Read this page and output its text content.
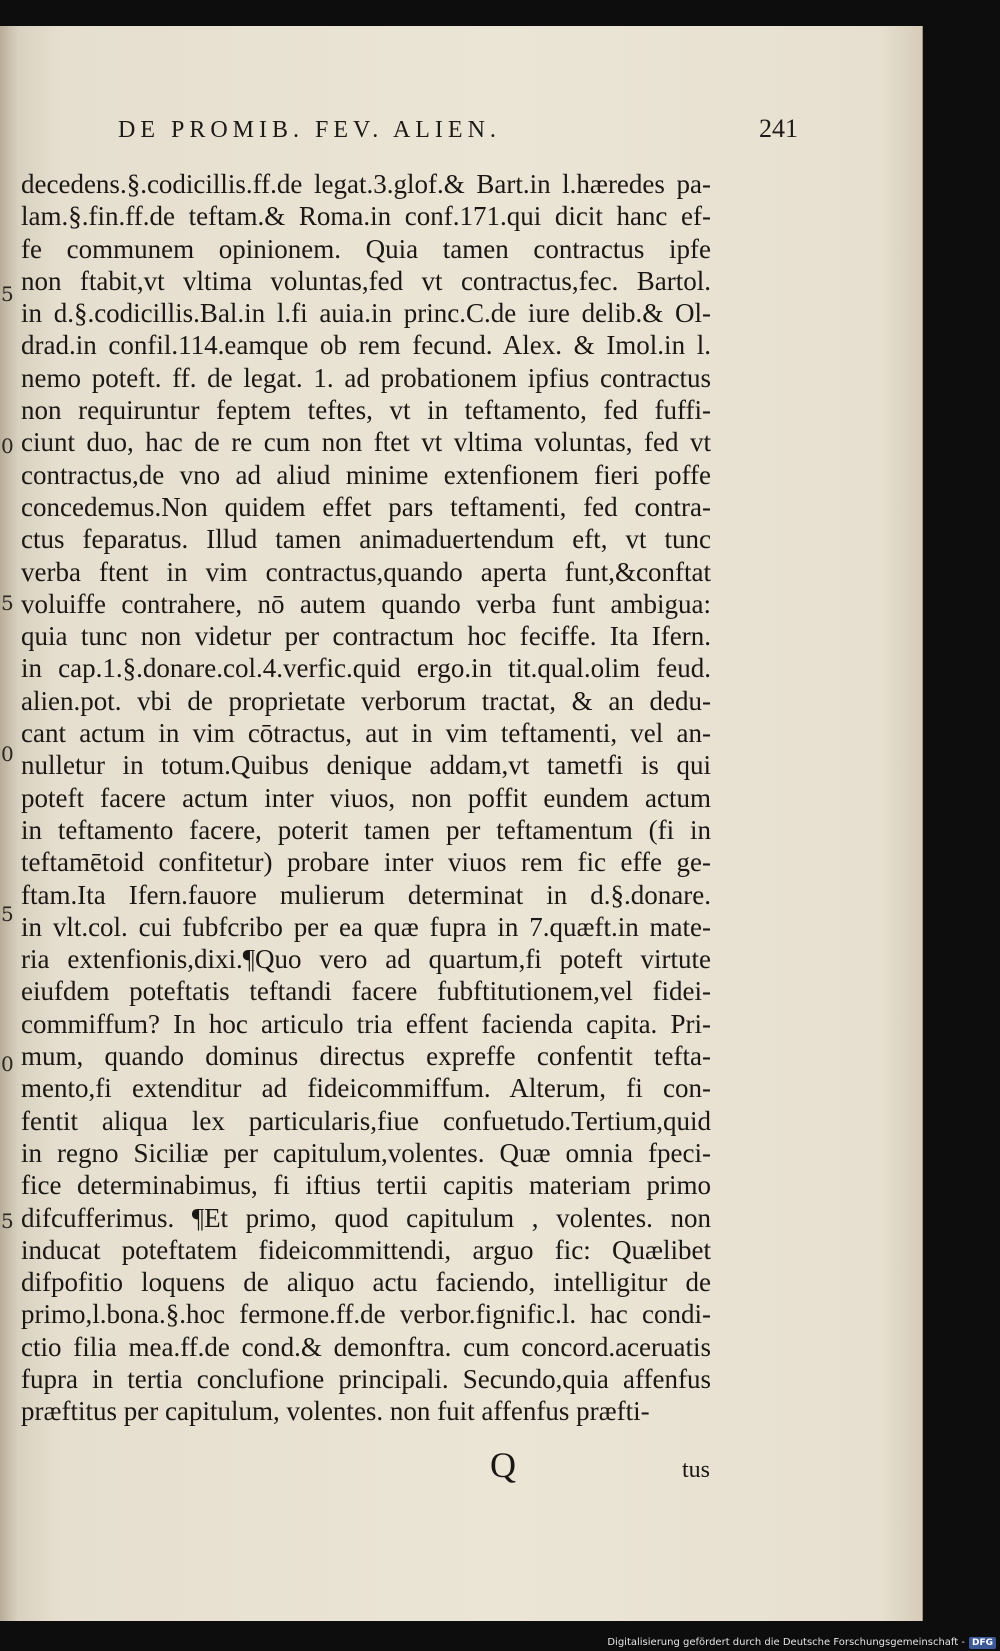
5
0
5
0
5
0
5
DE PROMIB. FEV. ALIEN.	241
decedens.§.codicillis.ff.de legat.3.glof.& Bart.in l.hæredes pa-
lam.§.fin.ff.de teftam.& Roma.in conf.171.qui dicit hanc ef-
fe communem opinionem. Quia tamen contractus ipfe
non ftabit,vt vltima voluntas,fed vt contractus,fec. Bartol.
in d.§.codicillis.Bal.in l.fi auia.in princ.C.de iure delib.& Ol-
drad.in confil.114.eamque ob rem fecund. Alex. & Imol.in l.
nemo poteft. ff. de legat. 1. ad probationem ipfius contractus
non requiruntur feptem teftes, vt in teftamento, fed fuffi-
ciunt duo, hac de re cum non ftet vt vltima voluntas, fed vt
contractus,de vno ad aliud minime extenfionem fieri poffe
concedemus.Non quidem effet pars teftamenti, fed contra-
ctus feparatus. Illud tamen animaduertendum eft, vt tunc
verba ftent in vim contractus,quando aperta funt,&conftat
voluiffe contrahere, nō autem quando verba funt ambigua:
quia tunc non videtur per contractum hoc feciffe. Ita Ifern.
in cap.1.§.donare.col.4.verfic.quid ergo.in tit.qual.olim feud.
alien.pot. vbi de proprietate verborum tractat, & an dedu-
cant actum in vim cōtractus, aut in vim teftamenti, vel an-
nulletur in totum.Quibus denique addam,vt tametfi is qui
poteft facere actum inter viuos, non poffit eundem actum
in teftamento facere, poterit tamen per teftamentum (fi in
teftamētoid confitetur) probare inter viuos rem fic effe ge-
ftam.Ita Ifern.fauore mulierum determinat in d.§.donare.
in vlt.col. cui fubfcribo per ea quæ fupra in 7.quæft.in mate-
ria extenfionis,dixi.¶Quo vero ad quartum,fi poteft virtute
eiufdem poteftatis teftandi facere fubftitutionem,vel fidei-
commiffum? In hoc articulo tria effent facienda capita. Pri-
mum, quando dominus directus expreffe confentit tefta-
mento,fi extenditur ad fideicommiffum. Alterum, fi con-
fentit aliqua lex particularis,fiue confuetudo.Tertium,quid
in regno Siciliæ per capitulum,volentes. Quæ omnia fpeci-
fice determinabimus, fi iftius tertii capitis materiam primo
difcufferimus. ¶Et primo, quod capitulum , volentes. non
inducat poteftatem fideicommittendi, arguo fic: Quælibet
difpofitio loquens de aliquo actu faciendo, intelligitur de
primo,l.bona.§.hoc fermone.ff.de verbor.fignific.l. hac condi-
ctio filia mea.ff.de cond.& demonftra. cum concord.aceruatis
fupra in tertia conclufione principali. Secundo,quia affenfus
præftitus per capitulum, volentes. non fuit affenfus præfti-
Q	tus
Digitalisierung gefördert durch die Deutsche Forschungsgemeinschaft - DFG
